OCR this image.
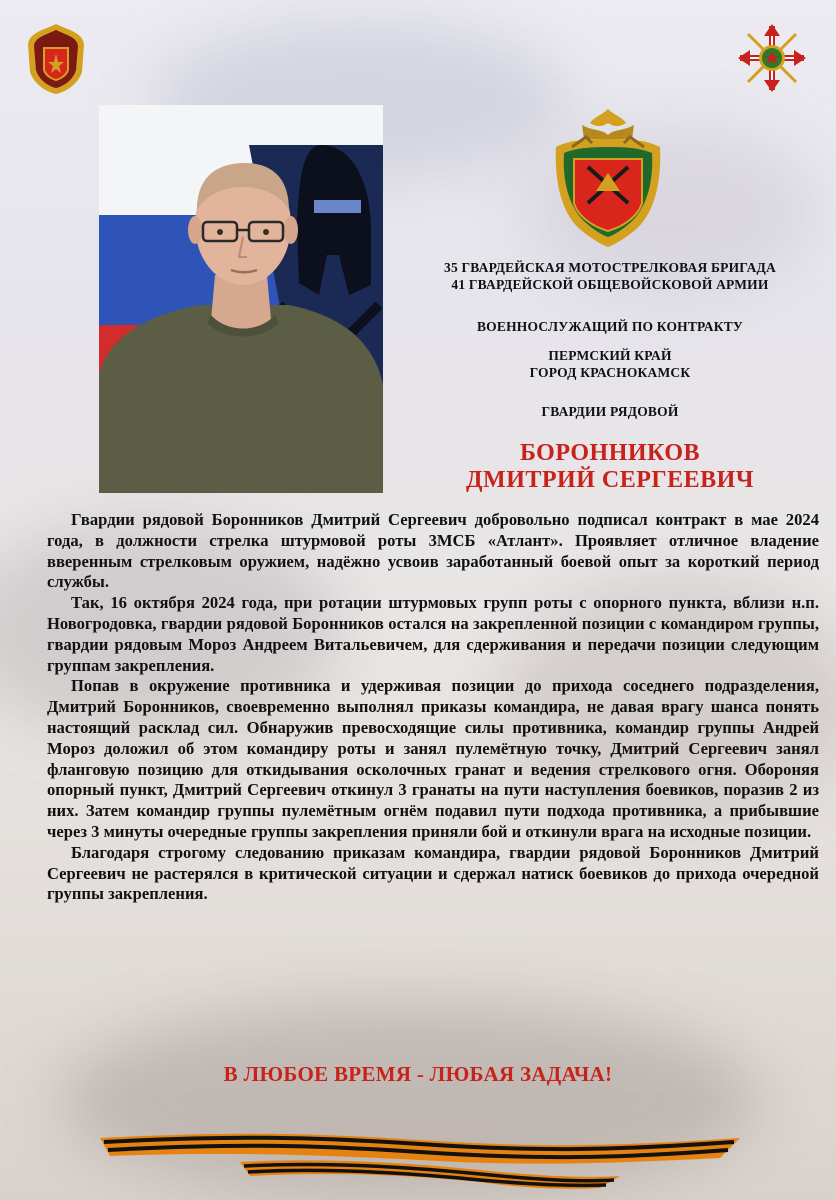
35 ГВАРДЕЙСКАЯ МОТОСТРЕЛКОВАЯ БРИГАДА
41 ГВАРДЕЙСКОЙ ОБЩЕВОЙСКОВОЙ АРМИИ
ВОЕННОСЛУЖАЩИЙ ПО КОНТРАКТУ
ПЕРМСКИЙ КРАЙ
ГОРОД КРАСНОКАМСК
ГВАРДИИ РЯДОВОЙ
БОРОННИКОВ
ДМИТРИЙ СЕРГЕЕВИЧ

Гвардии рядовой Боронников Дмитрий Сергеевич добровольно подписал контракт в мае 2024 года, в должности стрелка штурмовой роты 3МСБ «Атлант». Проявляет отличное владение вверенным стрелковым оружием, надёжно усвоив заработанный боевой опыт за короткий период службы.

Так, 16 октября 2024 года, при ротации штурмовых групп роты с опорного пункта, вблизи н.п. Новогродовка, гвардии рядовой Боронников остался на закрепленной позиции с командиром группы, гвардии рядовым Мороз Андреем Витальевичем, для сдерживания и передачи позиции следующим группам закрепления.

Попав в окружение противника и удерживая позиции до прихода соседнего подразделения, Дмитрий Боронников, своевременно выполнял приказы командира, не давая врагу шанса понять настоящий расклад сил. Обнаружив превосходящие силы противника, командир группы Андрей Мороз доложил об этом командиру роты и занял пулемётную точку, Дмитрий Сергеевич занял фланговую позицию для откидывания осколочных гранат и ведения стрелкового огня. Обороняя опорный пункт, Дмитрий Сергеевич откинул 3 гранаты на пути наступления боевиков, поразив 2 из них. Затем командир группы пулемётным огнём подавил пути подхода противника, а прибывшие через 3 минуты очередные группы закрепления приняли бой и откинули врага на исходные позиции.

Благодаря строгому следованию приказам командира, гвардии рядовой Боронников Дмитрий Сергеевич не растерялся в критической ситуации и сдержал натиск боевиков до прихода очередной группы закрепления.

В ЛЮБОЕ ВРЕМЯ - ЛЮБАЯ ЗАДАЧА!
